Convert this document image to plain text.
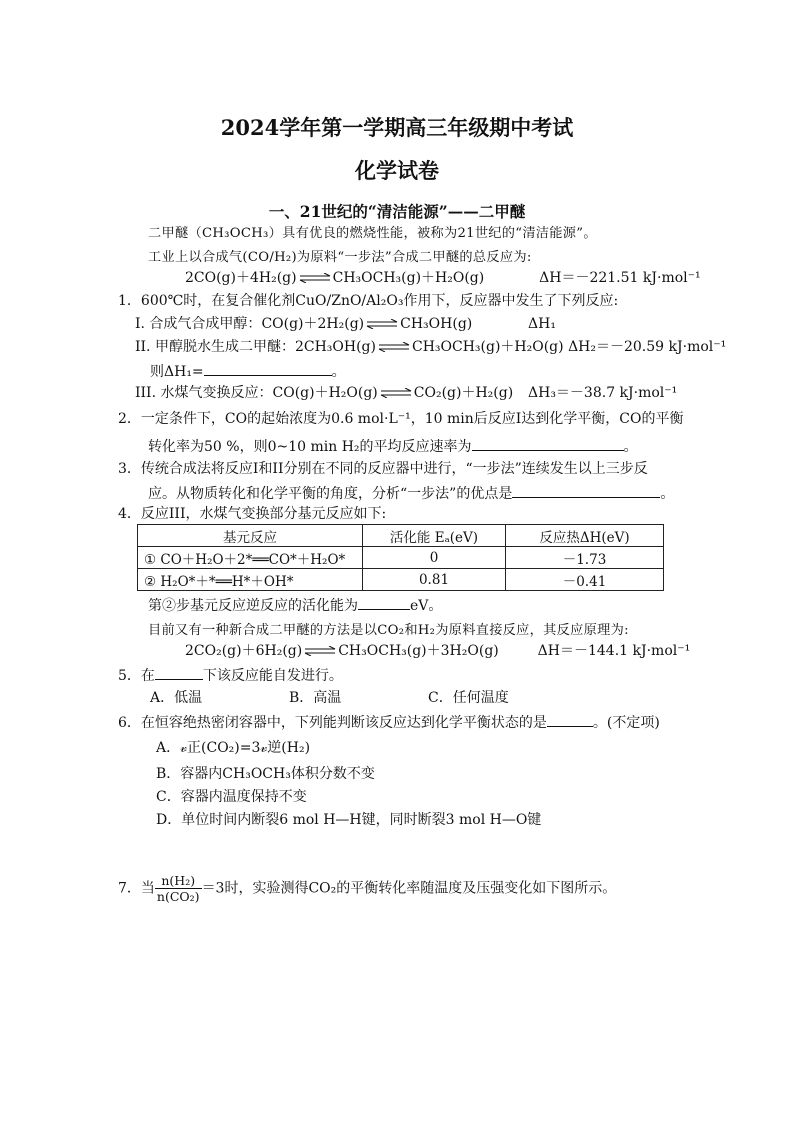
2024学年第一学期高三年级期中考试
化学试卷
一、21世纪的“清洁能源”——二甲醚
二甲醚（CH₃OCH₃）具有优良的燃烧性能，被称为21世纪的“清洁能源”。
工业上以合成气(CO/H₂)为原料“一步法”合成二甲醚的总反应为:
2CO(g)＋4H₂(g) ⇌ CH₃OCH₃(g)＋H₂O(g)	ΔH＝－221.51 kJ·mol⁻¹
1．600℃时，在复合催化剂CuO/ZnO/Al₂O₃作用下，反应器中发生了下列反应:
I. 合成气合成甲醇：CO(g)＋2H₂(g) ⇌ CH₃OH(g)	ΔH₁
II. 甲醇脱水生成二甲醚：2CH₃OH(g) ⇌ CH₃OCH₃(g)＋H₂O(g) ΔH₂＝－20.59 kJ·mol⁻¹
则ΔH₁=	。
III. 水煤气变换反应：CO(g)＋H₂O(g) ⇌ CO₂(g)＋H₂(g) ΔH₃＝－38.7 kJ·mol⁻¹
2．一定条件下，CO的起始浓度为0.6 mol·L⁻¹，10 min后反应I达到化学平衡，CO的平衡
转化率为50 %，则0~10 min H₂的平均反应速率为	。
3．传统合成法将反应I和II分别在不同的反应器中进行，“一步法”连续发生以上三步反
应。从物质转化和化学平衡的角度，分析“一步法”的优点是	。
4．反应III，水煤气变换部分基元反应如下:
基元反应	活化能 Eₐ(eV)	反应热ΔH(eV)
① CO＋H₂O＋2*══CO*＋H₂O*	0	－1.73
② H₂O*＋*══H*＋OH*	0.81	－0.41
第②步基元反应逆反应的活化能为	eV。
目前又有一种新合成二甲醚的方法是以CO₂和H₂为原料直接反应，其反应原理为:
2CO₂(g)＋6H₂(g) ⇌ CH₃OCH₃(g)＋3H₂O(g)	ΔH＝－144.1 kJ·mol⁻¹
5．在	下该反应能自发进行。
A．低温	B．高温	C．任何温度
6．在恒容绝热密闭容器中，下列能判断该反应达到化学平衡状态的是	。(不定项)
A．𝓋正(CO₂)=3𝓋逆(H₂)
B．容器内CH₃OCH₃体积分数不变
C．容器内温度保持不变
D．单位时间内断裂6 mol H—H键，同时断裂3 mol H—O键
7．当 $\frac{\text{n(H₂)}}{\text{n(CO₂)}} =3$时，实验测得CO₂的平衡转化率随温度及压强变化如下图所示。
